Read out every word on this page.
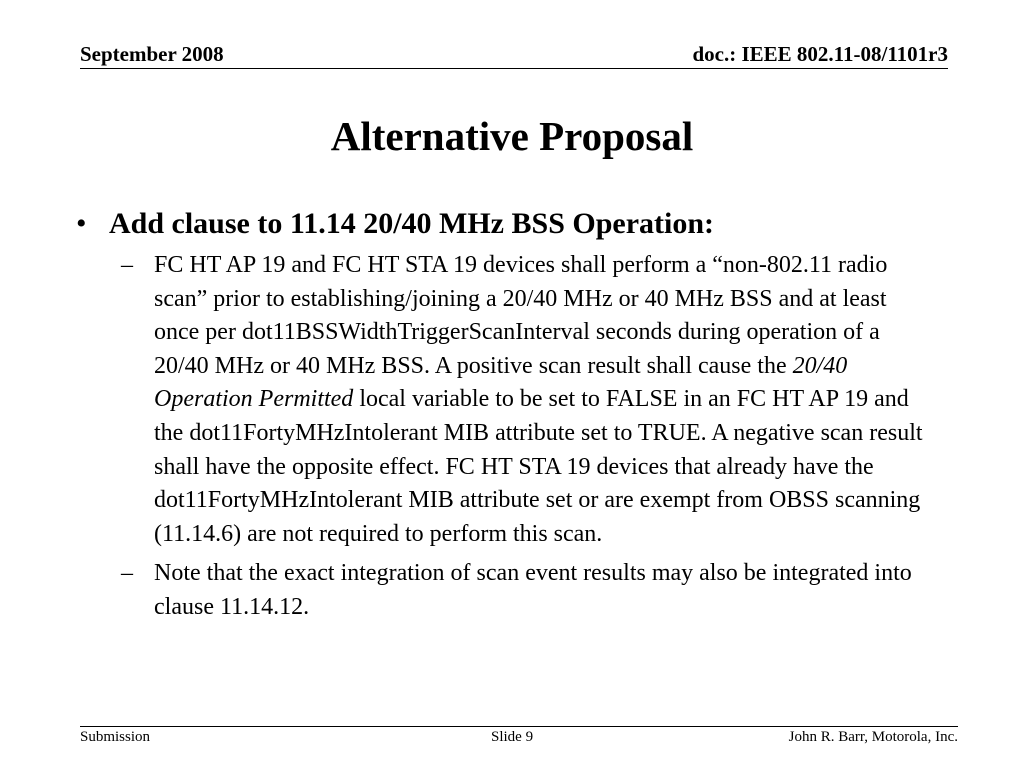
September 2008	doc.: IEEE 802.11-08/1101r3
Alternative Proposal
• Add clause to 11.14 20/40 MHz BSS Operation:
– FC HT AP 19 and FC HT STA 19 devices shall perform a “non-802.11 radio scan” prior to establishing/joining a 20/40 MHz or 40 MHz BSS and at least once per dot11BSSWidthTriggerScanInterval seconds during operation of a 20/40 MHz or 40 MHz BSS. A positive scan result shall cause the 20/40 Operation Permitted local variable to be set to FALSE in an FC HT AP 19 and the dot11FortyMHzIntolerant MIB attribute set to TRUE. A negative scan result shall have the opposite effect. FC HT STA 19 devices that already have the dot11FortyMHzIntolerant MIB attribute set or are exempt from OBSS scanning (11.14.6) are not required to perform this scan.
– Note that the exact integration of scan event results may also be integrated into clause 11.14.12.
Submission	Slide 9	John R. Barr, Motorola, Inc.
